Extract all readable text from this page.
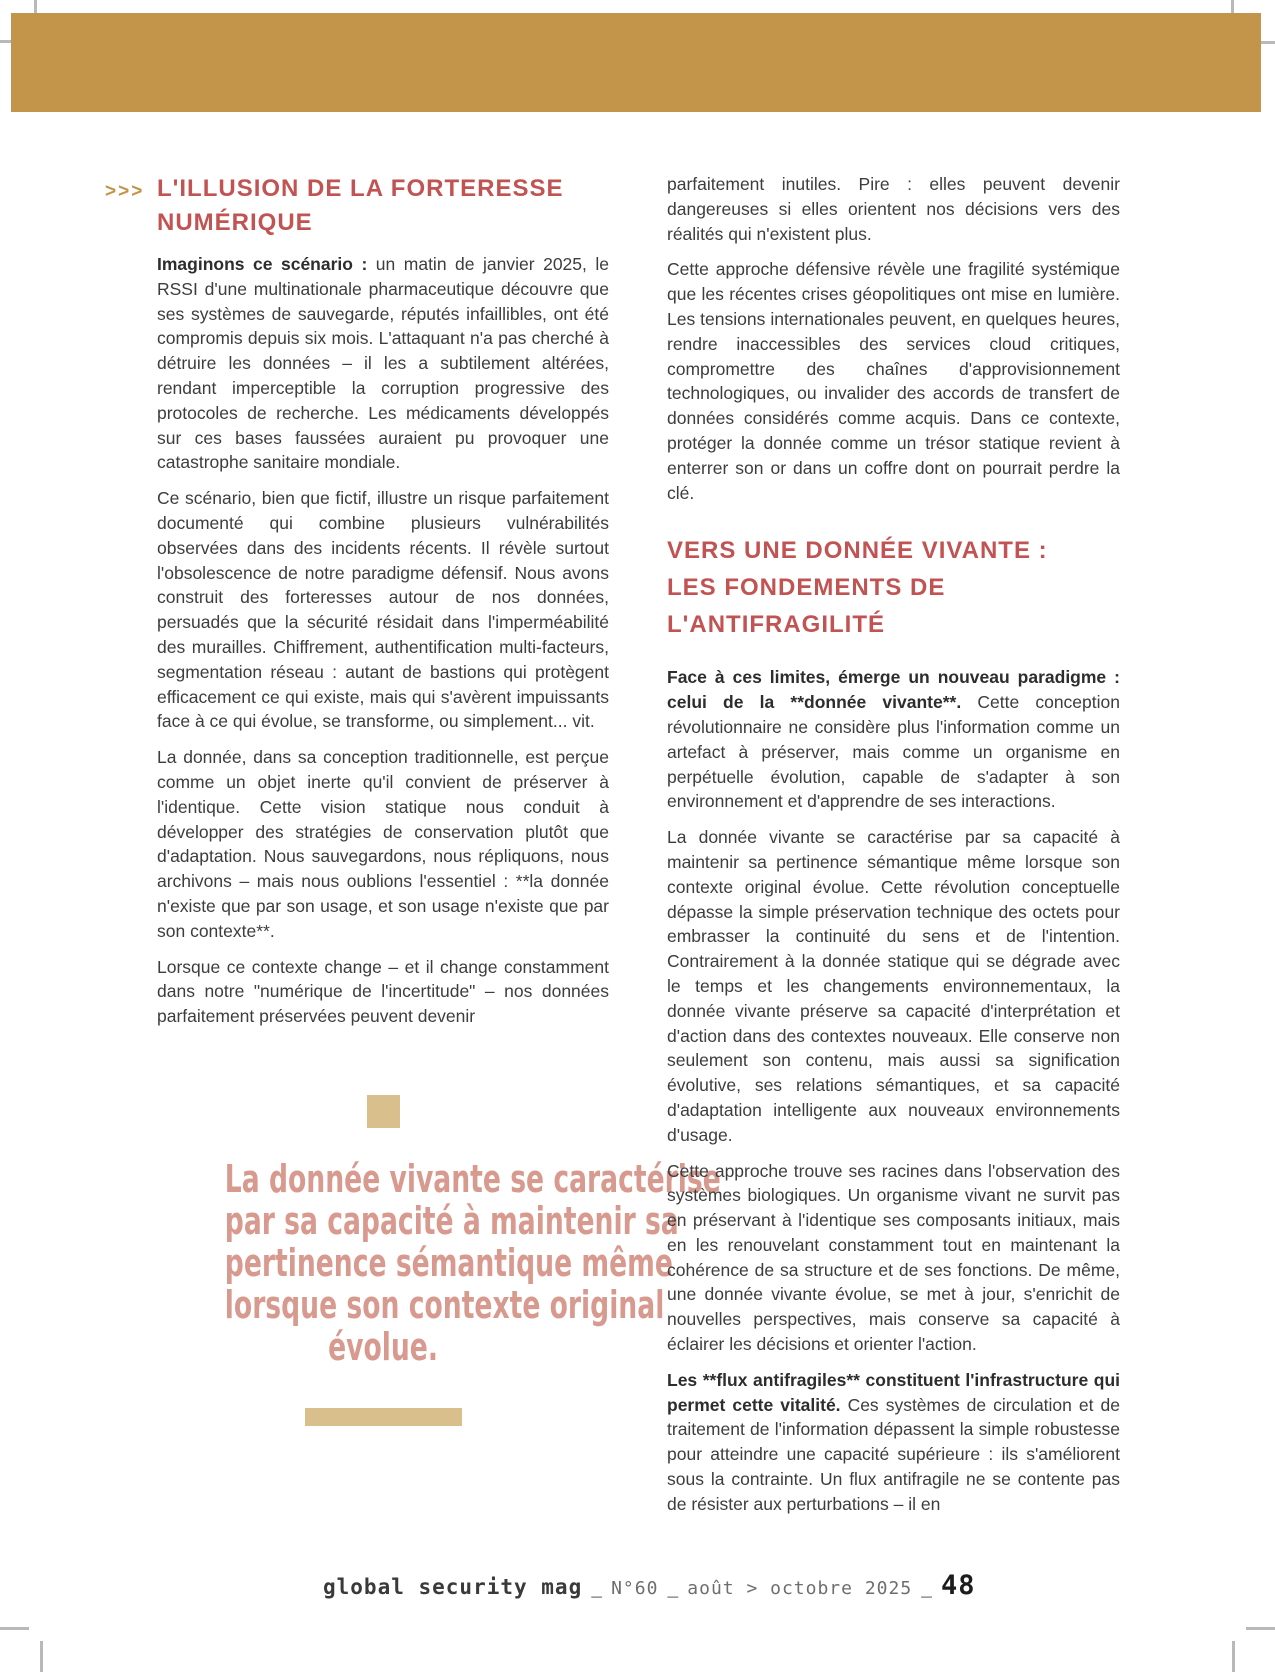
>>> L'ILLUSION DE LA FORTERESSE
NUMÉRIQUE

Imaginons ce scénario : un matin de janvier 2025, le RSSI d'une multinationale pharmaceutique découvre que ses systèmes de sauvegarde, réputés infaillibles, ont été compromis depuis six mois. L'attaquant n'a pas cherché à détruire les données – il les a subtilement altérées, rendant imperceptible la corruption progressive des protocoles de recherche. Les médicaments développés sur ces bases faussées auraient pu provoquer une catastrophe sanitaire mondiale.

Ce scénario, bien que fictif, illustre un risque parfaitement documenté qui combine plusieurs vulnérabilités observées dans des incidents récents. Il révèle surtout l'obsolescence de notre paradigme défensif. Nous avons construit des forteresses autour de nos données, persuadés que la sécurité résidait dans l'imperméabilité des murailles. Chiffrement, authentification multi-facteurs, segmentation réseau : autant de bastions qui protègent efficacement ce qui existe, mais qui s'avèrent impuissants face à ce qui évolue, se transforme, ou simplement... vit.

La donnée, dans sa conception traditionnelle, est perçue comme un objet inerte qu'il convient de préserver à l'identique. Cette vision statique nous conduit à développer des stratégies de conservation plutôt que d'adaptation. Nous sauvegardons, nous répliquons, nous archivons – mais nous oublions l'essentiel : **la donnée n'existe que par son usage, et son usage n'existe que par son contexte**.

Lorsque ce contexte change – et il change constamment dans notre "numérique de l'incertitude" – nos données parfaitement préservées peuvent devenir

La donnée vivante se caractérise
par sa capacité à maintenir sa
pertinence sémantique même
lorsque son contexte original
évolue.

parfaitement inutiles. Pire : elles peuvent devenir dangereuses si elles orientent nos décisions vers des réalités qui n'existent plus.

Cette approche défensive révèle une fragilité systémique que les récentes crises géopolitiques ont mise en lumière. Les tensions internationales peuvent, en quelques heures, rendre inaccessibles des services cloud critiques, compromettre des chaînes d'approvisionnement technologiques, ou invalider des accords de transfert de données considérés comme acquis. Dans ce contexte, protéger la donnée comme un trésor statique revient à enterrer son or dans un coffre dont on pourrait perdre la clé.

VERS UNE DONNÉE VIVANTE :
LES FONDEMENTS DE
L'ANTIFRAGILITÉ

Face à ces limites, émerge un nouveau paradigme : celui de la **donnée vivante**. Cette conception révolutionnaire ne considère plus l'information comme un artefact à préserver, mais comme un organisme en perpétuelle évolution, capable de s'adapter à son environnement et d'apprendre de ses interactions.

La donnée vivante se caractérise par sa capacité à maintenir sa pertinence sémantique même lorsque son contexte original évolue. Cette révolution conceptuelle dépasse la simple préservation technique des octets pour embrasser la continuité du sens et de l'intention. Contrairement à la donnée statique qui se dégrade avec le temps et les changements environnementaux, la donnée vivante préserve sa capacité d'interprétation et d'action dans des contextes nouveaux. Elle conserve non seulement son contenu, mais aussi sa signification évolutive, ses relations sémantiques, et sa capacité d'adaptation intelligente aux nouveaux environnements d'usage.

Cette approche trouve ses racines dans l'observation des systèmes biologiques. Un organisme vivant ne survit pas en préservant à l'identique ses composants initiaux, mais en les renouvelant constamment tout en maintenant la cohérence de sa structure et de ses fonctions. De même, une donnée vivante évolue, se met à jour, s'enrichit de nouvelles perspectives, mais conserve sa capacité à éclairer les décisions et orienter l'action.

Les **flux antifragiles** constituent l'infrastructure qui permet cette vitalité. Ces systèmes de circulation et de traitement de l'information dépassent la simple robustesse pour atteindre une capacité supérieure : ils s'améliorent sous la contrainte. Un flux antifragile ne se contente pas de résister aux perturbations – il en

global security mag _ N°60 _ août > octobre 2025 _ 48
